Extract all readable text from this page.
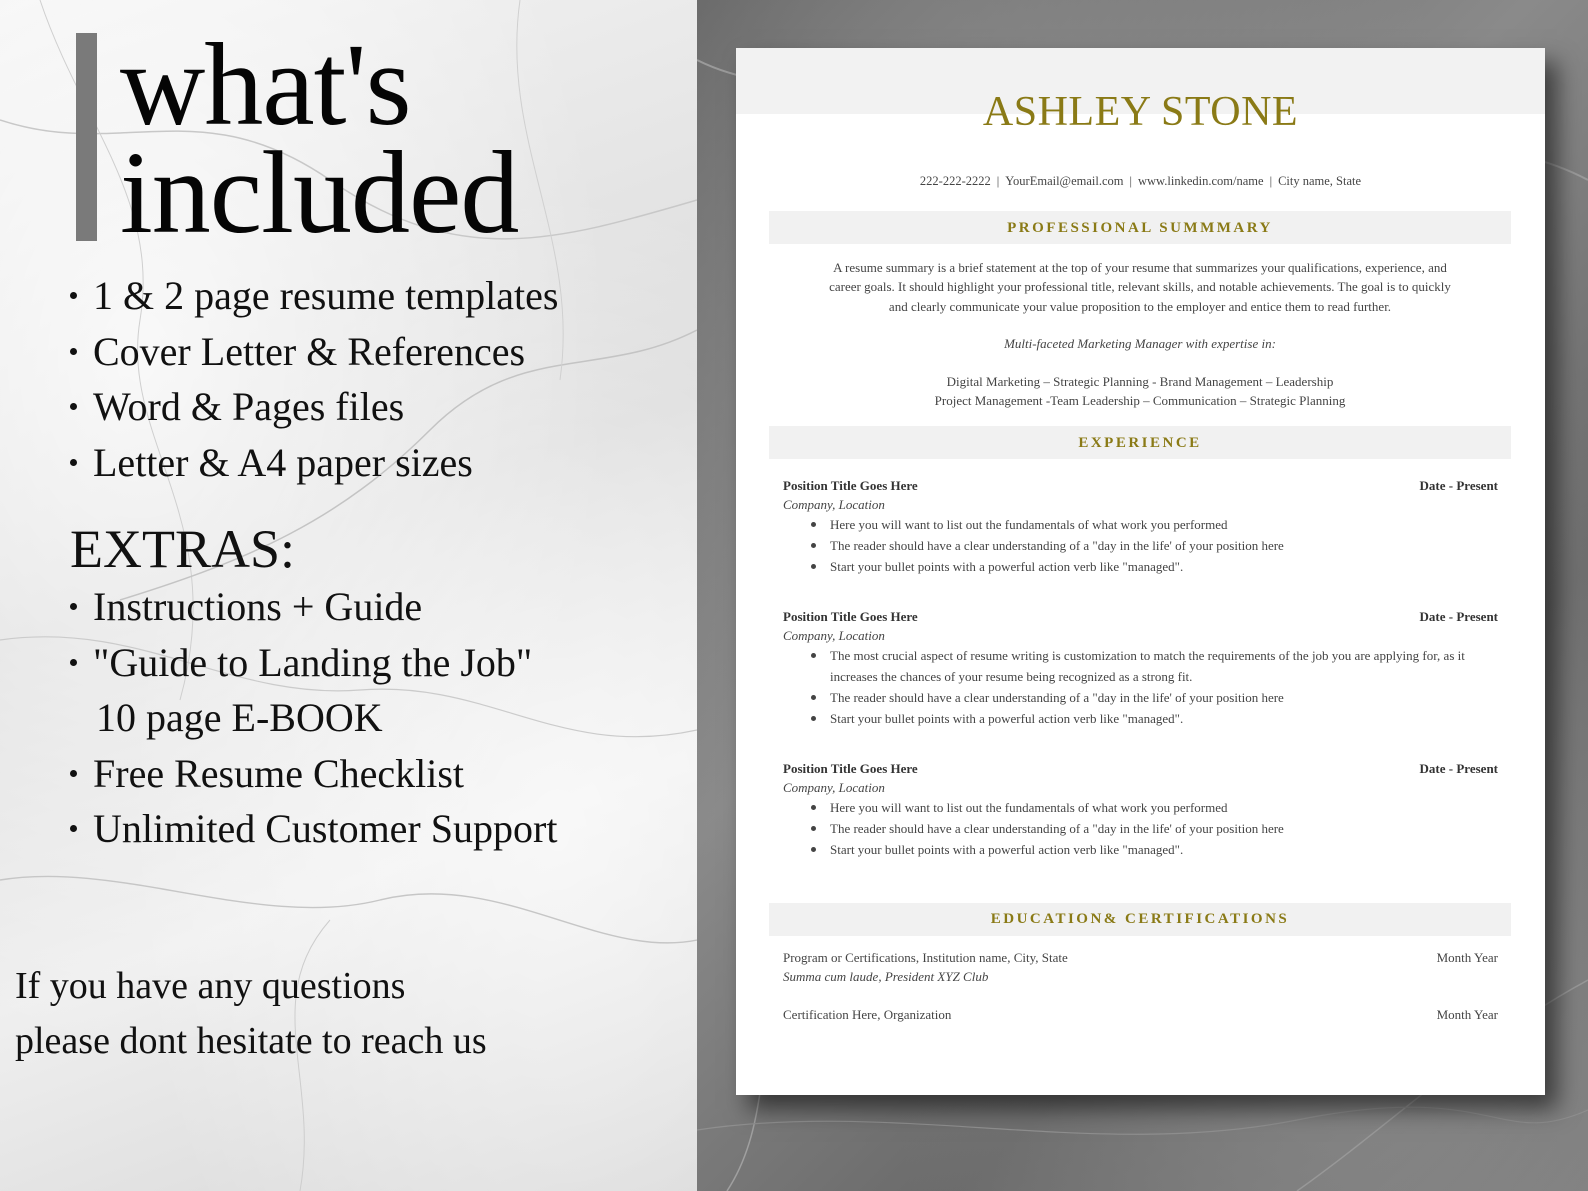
what's
included
1 & 2 page resume templates
Cover Letter & References
Word & Pages files
Letter & A4 paper sizes
EXTRAS:
Instructions + Guide
"Guide to Landing the Job"
10 page E-BOOK
Free Resume Checklist
Unlimited Customer Support
If you have any questions
please dont hesitate to reach us
ASHLEY STONE
222-222-2222 | YourEmail@email.com | www.linkedin.com/name | City name, State
PROFESSIONAL SUMMMARY
A resume summary is a brief statement at the top of your resume that summarizes your qualifications, experience, and
career goals. It should highlight your professional title, relevant skills, and notable achievements. The goal is to quickly
and clearly communicate your value proposition to the employer and entice them to read further.
Multi-faceted Marketing Manager with expertise in:
Digital Marketing – Strategic Planning - Brand Management – Leadership
Project Management -Team Leadership – Communication – Strategic Planning
EXPERIENCE
Position Title Goes Here	Date - Present
Company, Location
Here you will want to list out the fundamentals of what work you performed
The reader should have a clear understanding of a "day in the life' of your position here
Start your bullet points with a powerful action verb like "managed".
Position Title Goes Here	Date - Present
Company, Location
The most crucial aspect of resume writing is customization to match the requirements of the job you are applying for, as it increases the chances of your resume being recognized as a strong fit.
The reader should have a clear understanding of a "day in the life' of your position here
Start your bullet points with a powerful action verb like "managed".
Position Title Goes Here	Date - Present
Company, Location
Here you will want to list out the fundamentals of what work you performed
The reader should have a clear understanding of a "day in the life' of your position here
Start your bullet points with a powerful action verb like "managed".
EDUCATION& CERTIFICATIONS
Program or Certifications, Institution name, City, State	Month Year
Summa cum laude, President XYZ Club
Certification Here, Organization	Month Year
